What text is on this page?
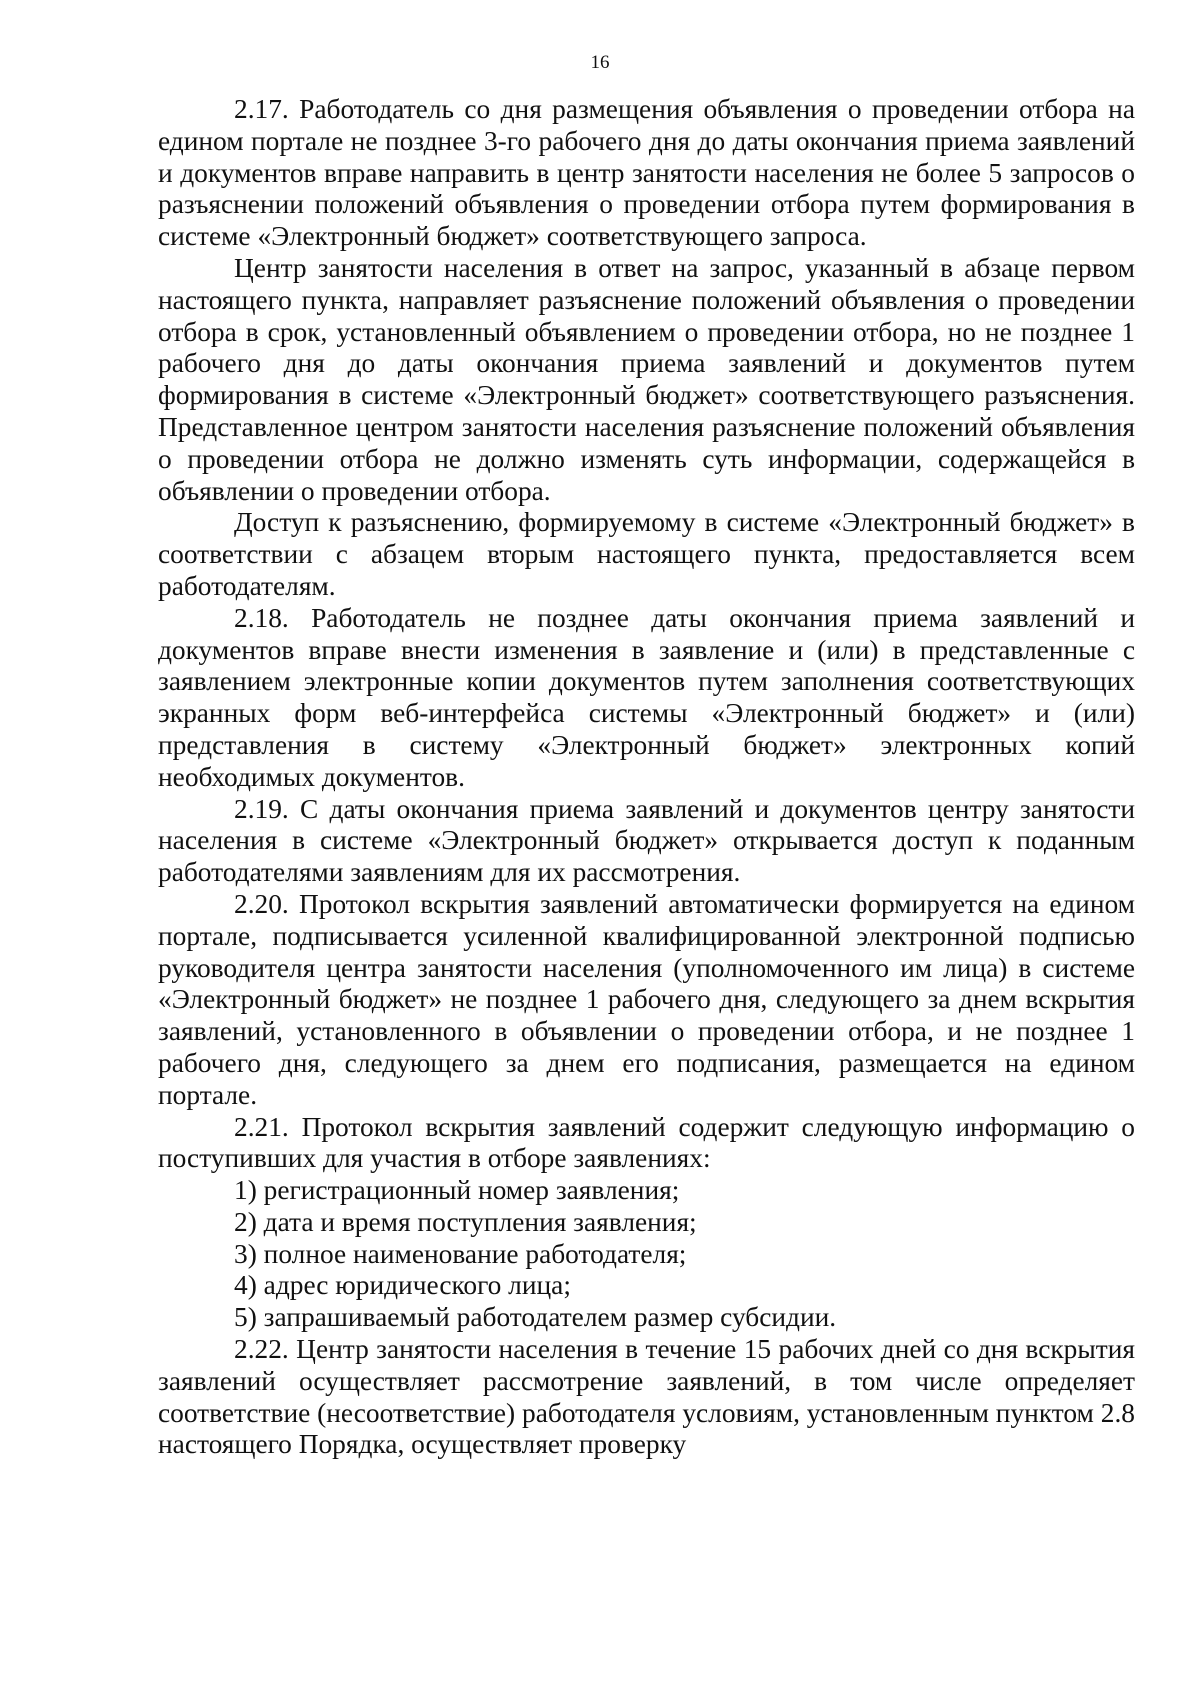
16

2.17. Работодатель со дня размещения объявления о проведении отбора на едином портале не позднее 3-го рабочего дня до даты окончания приема заявлений и документов вправе направить в центр занятости населения не более 5 запросов о разъяснении положений объявления о проведении отбора путем формирования в системе «Электронный бюджет» соответствующего запроса.

Центр занятости населения в ответ на запрос, указанный в абзаце первом настоящего пункта, направляет разъяснение положений объявления о проведении отбора в срок, установленный объявлением о проведении отбора, но не позднее 1 рабочего дня до даты окончания приема заявлений и документов путем формирования в системе «Электронный бюджет» соответствующего разъяснения. Представленное центром занятости населения разъяснение положений объявления о проведении отбора не должно изменять суть информации, содержащейся в объявлении о проведении отбора.

Доступ к разъяснению, формируемому в системе «Электронный бюджет» в соответствии с абзацем вторым настоящего пункта, предоставляется всем работодателям.

2.18. Работодатель не позднее даты окончания приема заявлений и документов вправе внести изменения в заявление и (или) в представленные с заявлением электронные копии документов путем заполнения соответствующих экранных форм веб-интерфейса системы «Электронный бюджет» и (или) представления в систему «Электронный бюджет» электронных копий необходимых документов.

2.19. С даты окончания приема заявлений и документов центру занятости населения в системе «Электронный бюджет» открывается доступ к поданным работодателями заявлениям для их рассмотрения.

2.20. Протокол вскрытия заявлений автоматически формируется на едином портале, подписывается усиленной квалифицированной электронной подписью руководителя центра занятости населения (уполномоченного им лица) в системе «Электронный бюджет» не позднее 1 рабочего дня, следующего за днем вскрытия заявлений, установленного в объявлении о проведении отбора, и не позднее 1 рабочего дня, следующего за днем его подписания, размещается на едином портале.

2.21. Протокол вскрытия заявлений содержит следующую информацию о поступивших для участия в отборе заявлениях:

1) регистрационный номер заявления;
2) дата и время поступления заявления;
3) полное наименование работодателя;
4) адрес юридического лица;
5) запрашиваемый работодателем размер субсидии.

2.22. Центр занятости населения в течение 15 рабочих дней со дня вскрытия заявлений осуществляет рассмотрение заявлений, в том числе определяет соответствие (несоответствие) работодателя условиям, установленным пунктом 2.8 настоящего Порядка, осуществляет проверку
